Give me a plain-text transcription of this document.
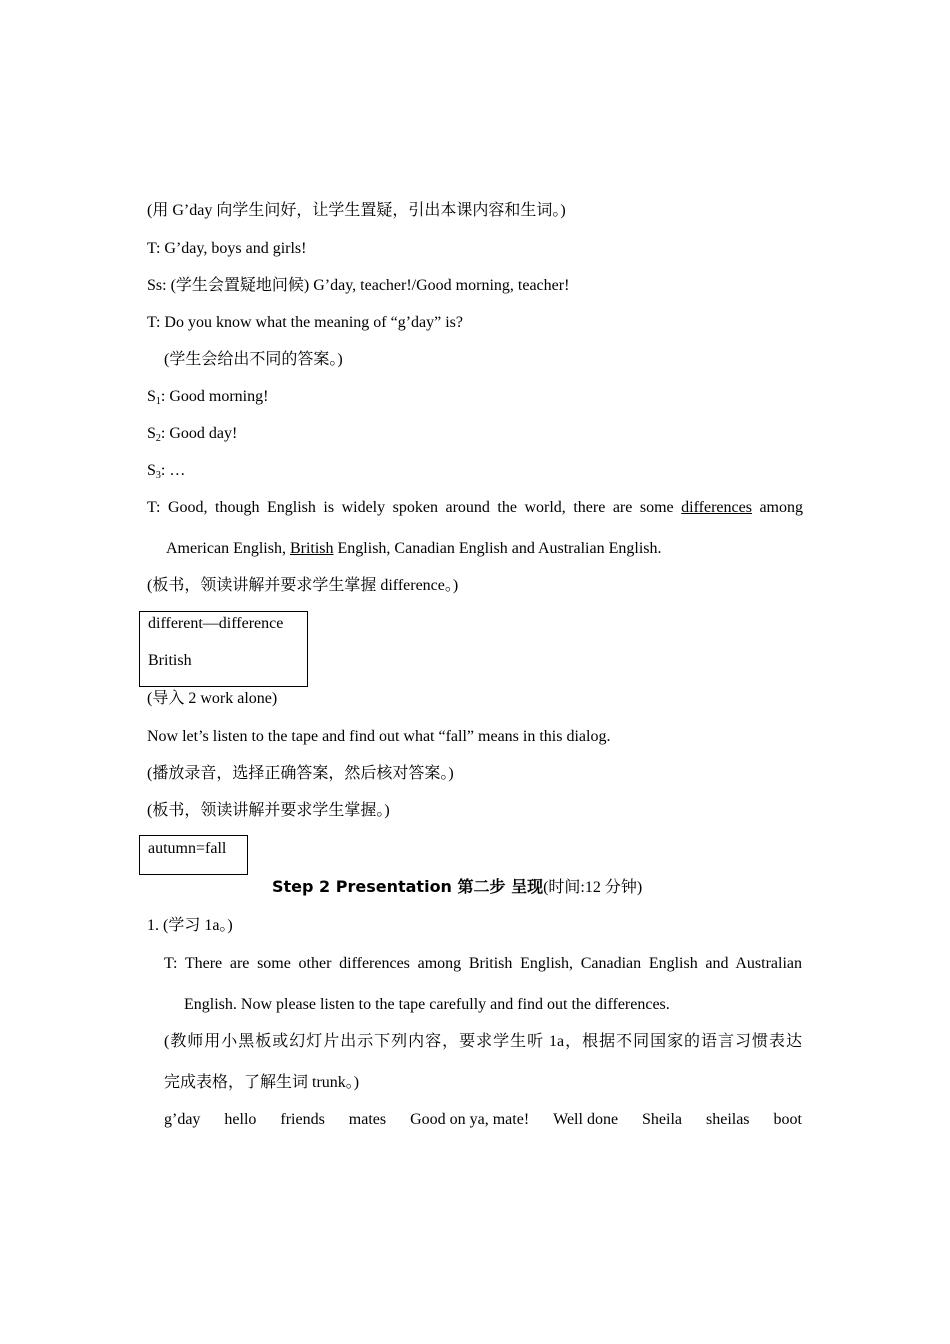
(用 G’day 向学生问好，让学生置疑，引出本课内容和生词。)
T: G’day, boys and girls!
Ss: (学生会置疑地问候) G’day, teacher!/Good morning, teacher!
T: Do you know what the meaning of “g’day” is?
(学生会给出不同的答案。)
$S_1$: Good morning!
$S_2$: Good day!
$S_3$: …
T: Good, though English is widely spoken around the world, there are some differences among
American English, British English, Canadian English and Australian English.
(板书，领读讲解并要求学生掌握 difference。)
different—difference
British
(导入 2 work alone)
Now let’s listen to the tape and find out what “fall” means in this dialog.
(播放录音，选择正确答案，然后核对答案。)
(板书，领读讲解并要求学生掌握。)
autumn=fall
Step 2 Presentation 第二步 呈现(时间:12 分钟)
1. (学习 1a。)
T: There are some other differences among British English, Canadian English and Australian
English. Now please listen to the tape carefully and find out the differences.
(教师用小黑板或幻灯片出示下列内容，要求学生听 1a，根据不同国家的语言习惯表达
完成表格，了解生词 trunk。)
g’day hello friends mates Good on ya, mate! Well done Sheila sheilas boot
